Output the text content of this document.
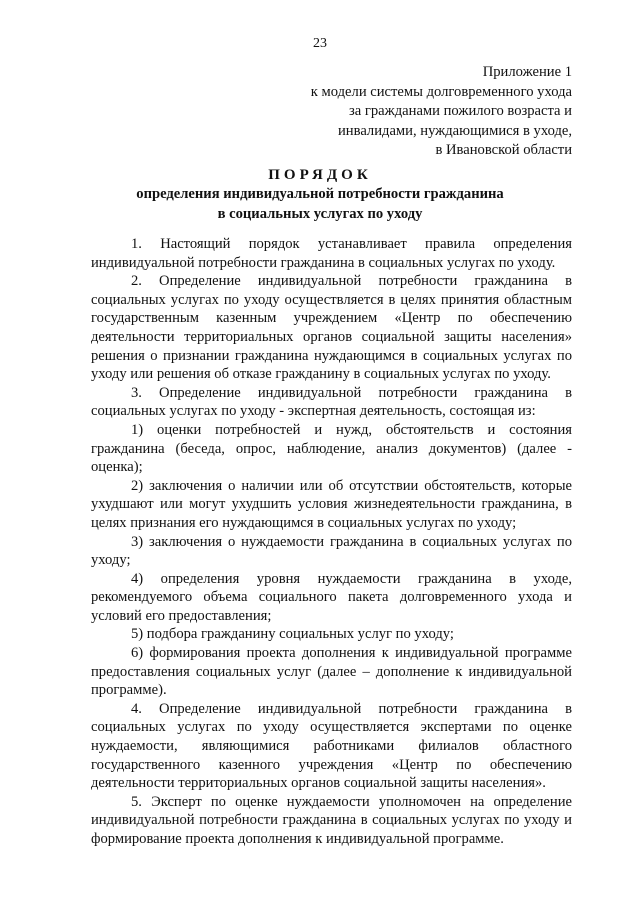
23
Приложение 1
к модели системы долговременного ухода
за гражданами пожилого возраста и
инвалидами, нуждающимися в уходе,
в Ивановской области
ПОРЯДОК
определения индивидуальной потребности гражданина
в социальных услугах по уходу

1. Настоящий порядок устанавливает правила определения индивидуальной потребности гражданина в социальных услугах по уходу.

2. Определение индивидуальной потребности гражданина в социальных услугах по уходу осуществляется в целях принятия областным государственным казенным учреждением «Центр по обеспечению деятельности территориальных органов социальной защиты населения» решения о признании гражданина нуждающимся в социальных услугах по уходу или решения об отказе гражданину в социальных услугах по уходу.

3. Определение индивидуальной потребности гражданина в социальных услугах по уходу - экспертная деятельность, состоящая из:

1) оценки потребностей и нужд, обстоятельств и состояния гражданина (беседа, опрос, наблюдение, анализ документов) (далее - оценка);

2) заключения о наличии или об отсутствии обстоятельств, которые ухудшают или могут ухудшить условия жизнедеятельности гражданина, в целях признания его нуждающимся в социальных услугах по уходу;

3) заключения о нуждаемости гражданина в социальных услугах по уходу;

4) определения уровня нуждаемости гражданина в уходе, рекомендуемого объема социального пакета долговременного ухода и условий его предоставления;

5) подбора гражданину социальных услуг по уходу;

6) формирования проекта дополнения к индивидуальной программе предоставления социальных услуг (далее – дополнение к индивидуальной программе).

4. Определение индивидуальной потребности гражданина в социальных услугах по уходу осуществляется экспертами по оценке нуждаемости, являющимися работниками филиалов областного государственного казенного учреждения «Центр по обеспечению деятельности территориальных органов социальной защиты населения».

5. Эксперт по оценке нуждаемости уполномочен на определение индивидуальной потребности гражданина в социальных услугах по уходу и формирование проекта дополнения к индивидуальной программе.
